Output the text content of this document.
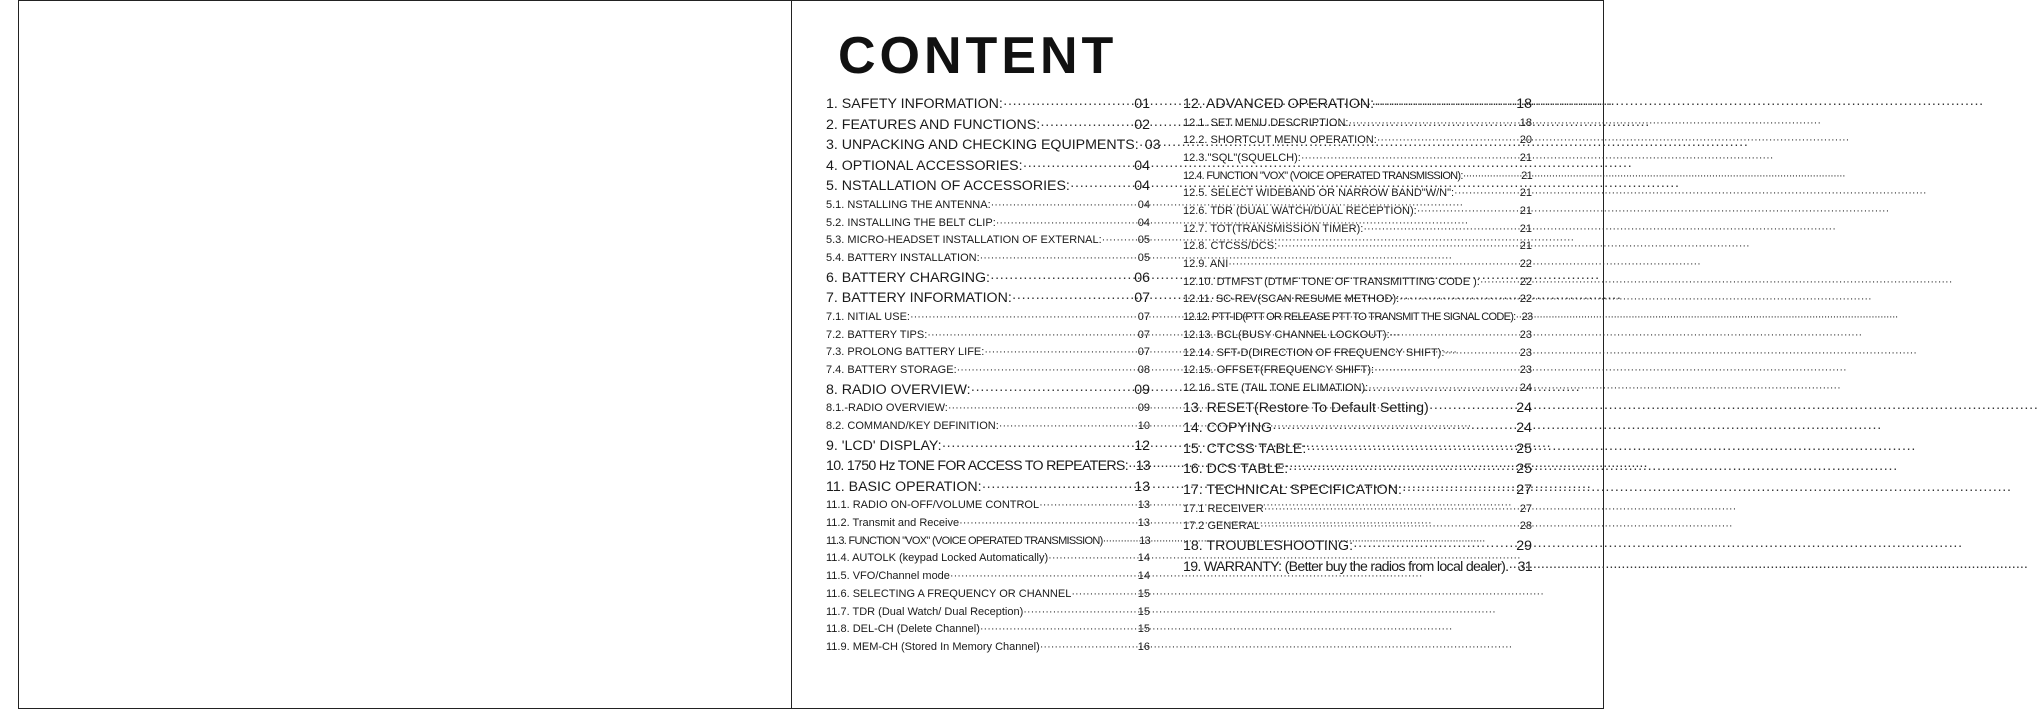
CONTENT
1. SAFETY INFORMATION: ·····	01
2. FEATURES AND FUNCTIONS: ·····	02
3. UNPACKING AND CHECKING EQUIPMENTS: ····· 03
4. OPTIONAL ACCESSORIES: ·····	04
5. NSTALLATION OF ACCESSORIES: ·····	04
5.1. NSTALLING THE ANTENNA: ·····	04
5.2. INSTALLING THE BELT CLIP: ·····	04
5.3. MICRO-HEADSET INSTALLATION OF EXTERNAL: ·····	05
5.4. BATTERY INSTALLATION: ·····	05
6. BATTERY CHARGING: ·····	06
7. BATTERY INFORMATION: ·····	07
7.1. NITIAL USE: ·····	07
7.2. BATTERY TIPS: ·····	07
7.3. PROLONG BATTERY LIFE: ·····	07
7.4. BATTERY STORAGE: ·····	08
8. RADIO OVERVIEW: ·····	09
8.1.-RADIO OVERVIEW: ·····	09
8.2. COMMAND/KEY DEFINITION: ·····	10
9. 'LCD' DISPLAY: ·····	12
10. 1750 Hz TONE FOR ACCESS TO REPEATERS: ····· 13
11. BASIC OPERATION: ·····	13
11.1. RADIO ON-OFF/VOLUME CONTROL ·····	13
11.2. Transmit and Receive ·····	13
11.3. FUNCTION "VOX" (VOICE OPERATED TRANSMISSION) ·····	13
11.4. AUTOLK (keypad Locked Automatically) ·····	14
11.5. VFO/Channel mode ·····	14
11.6. SELECTING A FREQUENCY OR CHANNEL ·····	15
11.7. TDR (Dual Watch/ Dual Reception) ·····	15
11.8. DEL-CH (Delete Channel) ·····	15
11.9. MEM-CH (Stored In Memory Channel) ·····	16
12. ADVANCED OPERATION: ·····	18
12.1. SET MENU DESCRIPTION: ·····	18
12.2. SHORTCUT MENU OPERATION: ·····	20
12.3."SQL"(SQUELCH): ·····	21
12.4. FUNCTION "VOX" (VOICE OPERATED TRANSMISSION): ·····	21
12.5. SELECT WIDEBAND OR NARROW BAND"W/N": ·····	21
12.6. TDR (DUAL WATCH/DUAL RECEPTION): ·····	21
12.7. TOT(TRANSMISSION TIMER): ·····	21
12.8. CTCSS/DCS: ·····	21
12.9. ANI ·····	22
12.10. DTMFST (DTMF TONE OF TRANSMITTING CODE ): ·····	22
12.11. SC-REV(SCAN RESUME METHOD): ·····	22
12.12. PTT-ID(PTT OR RELEASE PTT TO TRANSMIT THE SIGNAL CODE): ····· 23
12.13. BCL(BUSY CHANNEL LOCKOUT): ·····	23
12.14. SFT-D(DIRECTION OF FREQUENCY SHIFT): ·····	23
12.15. OFFSET(FREQUENCY SHIFT): ·····	23
12.16. STE (TAIL TONE ELIMATION): ·····	24
13. RESET(Restore To Default Setting) ·····	24
14. COPYING ·····	24
15. CTCSS TABLE: ·····	25
16. DCS TABLE: ·····	25
17. TECHNICAL SPECIFICATION: ·····	27
17.1 RECEIVER ·····	27
17.2 GENERAL ·····	28
18. TROUBLESHOOTING: ·····	29
19. WARRANTY: (Better buy the radios from local dealer). ····· 31
